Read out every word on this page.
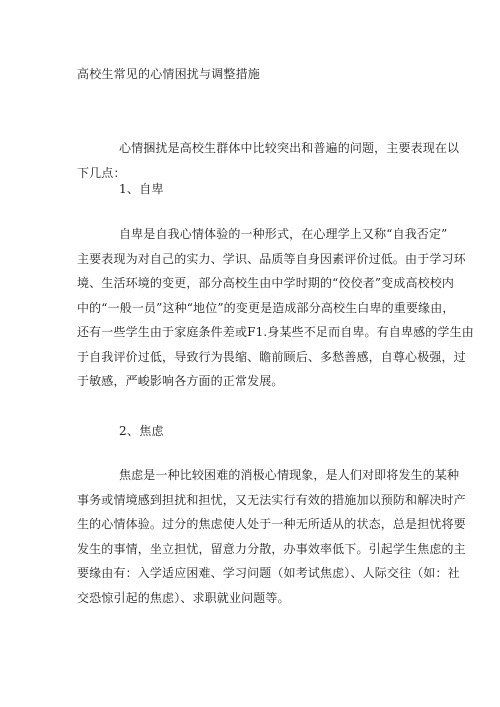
高校生常见的心情困扰与调整措施
心情捆扰是高校生群体中比较突出和普遍的问题，主要表现在以
下几点：
1、自卑
自卑是自我心情体验的一种形式，在心理学上又称“自我否定”
主要表现为对自己的实力、学识、品质等自身因素评价过低。由于学习环
境、生活环境的变更，部分高校生由中学时期的“佼佼者”变成高校校内
中的“一般一员”这种“地位”的变更是造成部分高校生白卑的重要缘由，
还有一些学生由于家庭条件差或F1.身某些不足而自卑。有自卑感的学生由
于自我评价过低，导致行为畏缩、瞻前顾后、多愁善感，自尊心极强，过
于敏感，严峻影响各方面的正常发展。
2、焦虑
焦虑是一种比较困难的消极心情现象，是人们对即将发生的某种
事务或情境感到担扰和担忧，又无法实行有效的措施加以预防和解决时产
生的心情体验。过分的焦虑使人处于一种无所适从的状态，总是担忧将要
发生的事情，坐立担忧，留意力分散，办事效率低下。引起学生焦虑的主
要缘由有：入学适应困难、学习问题（如考试焦虑）、人际交往（如：社
交恐惊引起的焦虑）、求职就业问题等。
